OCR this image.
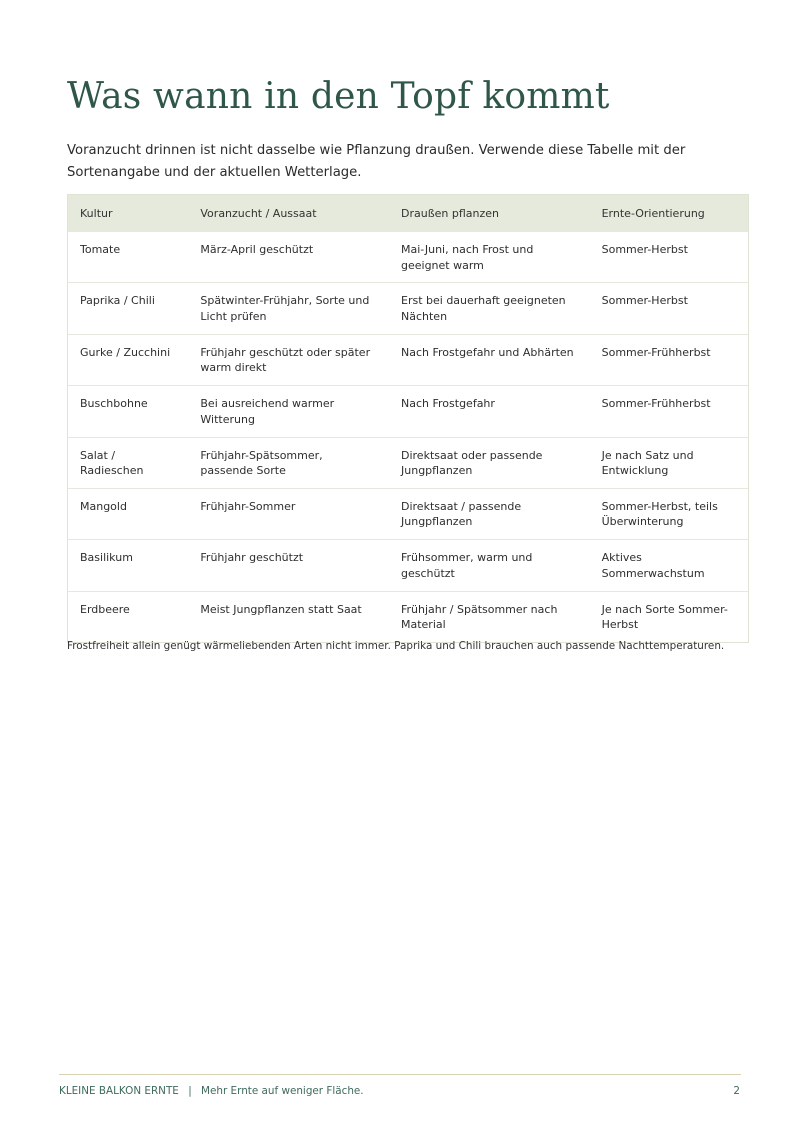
Was wann in den Topf kommt

Voranzucht drinnen ist nicht dasselbe wie Pflanzung draußen. Verwende diese Tabelle mit der Sortenangabe und der aktuellen Wetterlage.

Kultur	Voranzucht / Aussaat	Draußen pflanzen	Ernte-Orientierung
Tomate	März-April geschützt	Mai-Juni, nach Frost und geeignet warm	Sommer-Herbst
Paprika / Chili	Spätwinter-Frühjahr, Sorte und Licht prüfen	Erst bei dauerhaft geeigneten Nächten	Sommer-Herbst
Gurke / Zucchini	Frühjahr geschützt oder später warm direkt	Nach Frostgefahr und Abhärten	Sommer-Frühherbst
Buschbohne	Bei ausreichend warmer Witterung	Nach Frostgefahr	Sommer-Frühherbst
Salat / Radieschen	Frühjahr-Spätsommer, passende Sorte	Direktsaat oder passende Jungpflanzen	Je nach Satz und Entwicklung
Mangold	Frühjahr-Sommer	Direktsaat / passende Jungpflanzen	Sommer-Herbst, teils Überwinterung
Basilikum	Frühjahr geschützt	Frühsommer, warm und geschützt	Aktives Sommerwachstum
Erdbeere	Meist Jungpflanzen statt Saat	Frühjahr / Spätsommer nach Material	Je nach Sorte Sommer-Herbst

Frostfreiheit allein genügt wärmeliebenden Arten nicht immer. Paprika und Chili brauchen auch passende Nachttemperaturen.

KLEINE BALKON ERNTE | Mehr Ernte auf weniger Fläche.	2
